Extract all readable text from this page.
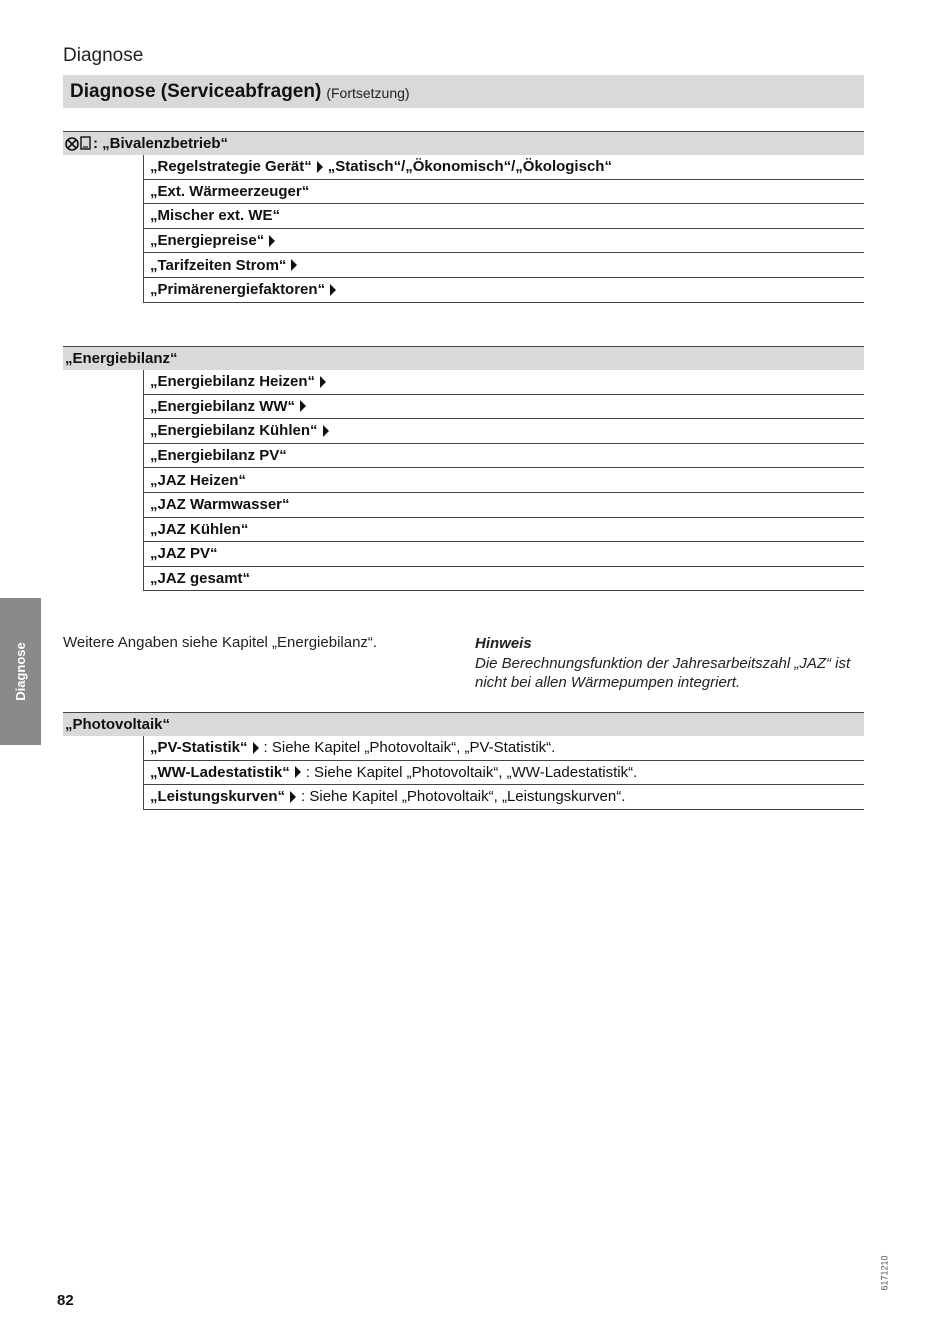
Diagnose
Diagnose (Serviceabfragen) (Fortsetzung)
: „Bivalenzbetrieb“
„Regelstrategie Gerät“ „Statisch“/„Ökonomisch“/„Ökologisch“
„Ext. Wärmeerzeuger“
„Mischer ext. WE“
„Energiepreise“
„Tarifzeiten Strom“
„Primärenergiefaktoren“
„Energiebilanz“
„Energiebilanz Heizen“
„Energiebilanz WW“
„Energiebilanz Kühlen“
„Energiebilanz PV“
„JAZ Heizen“
„JAZ Warmwasser“
„JAZ Kühlen“
„JAZ PV“
„JAZ gesamt“
Weitere Angaben siehe Kapitel „Energiebilanz“.	Hinweis
Die Berechnungsfunktion der Jahresarbeitszahl „JAZ“ ist nicht bei allen Wärmepumpen integriert.
„Photovoltaik“
„PV-Statistik“ : Siehe Kapitel „Photovoltaik“, „PV-Statistik“.
„WW-Ladestatistik“ : Siehe Kapitel „Photovoltaik“, „WW-Ladestatistik“.
„Leistungskurven“ : Siehe Kapitel „Photovoltaik“, „Leistungskurven“.
Diagnose
82
6171210
